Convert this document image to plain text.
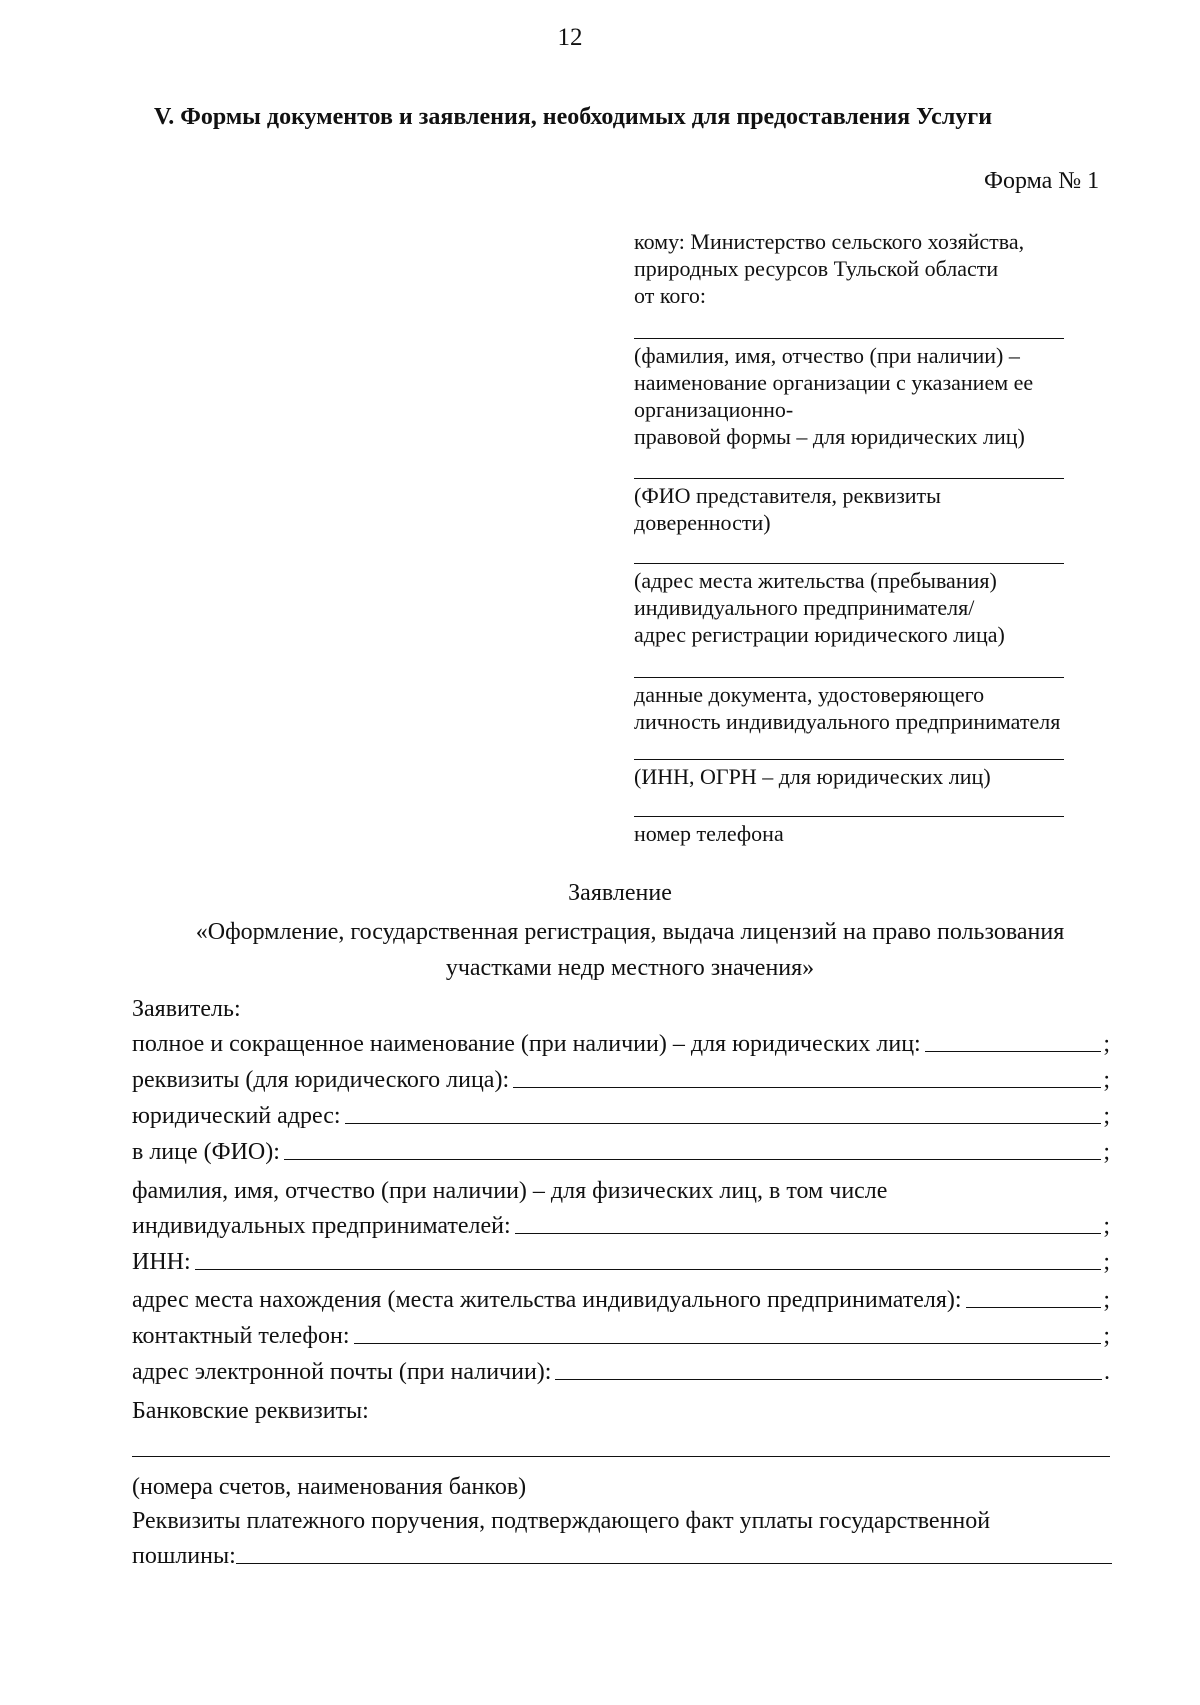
12
V. Формы документов и заявления, необходимых для предоставления Услуги
Форма № 1
кому: Министерство сельского хозяйства,
природных ресурсов Тульской области
от кого:
(фамилия, имя, отчество (при наличии) –
наименование организации с указанием ее
организационно-
правовой формы – для юридических лиц)
(ФИО представителя, реквизиты
доверенности)
(адрес места жительства (пребывания)
индивидуального предпринимателя/
адрес регистрации юридического лица)
данные документа, удостоверяющего
личность индивидуального предпринимателя
(ИНН, ОГРН – для юридических лиц)
номер телефона
Заявление
«Оформление, государственная регистрация, выдача лицензий на право пользования участками недр местного значения»
Заявитель:
полное и сокращенное наименование (при наличии) – для юридических лиц:	;
реквизиты (для юридического лица):	;
юридический адрес:	;
в лице (ФИО):	;
фамилия, имя, отчество (при наличии) – для физических лиц, в том числе
индивидуальных предпринимателей:	;
ИНН:	;
адрес места нахождения (места жительства индивидуального предпринимателя):	;
контактный телефон:	;
адрес электронной почты (при наличии):	.
Банковские реквизиты:
(номера счетов, наименования банков)
Реквизиты платежного поручения, подтверждающего факт уплаты государственной
пошлины:
